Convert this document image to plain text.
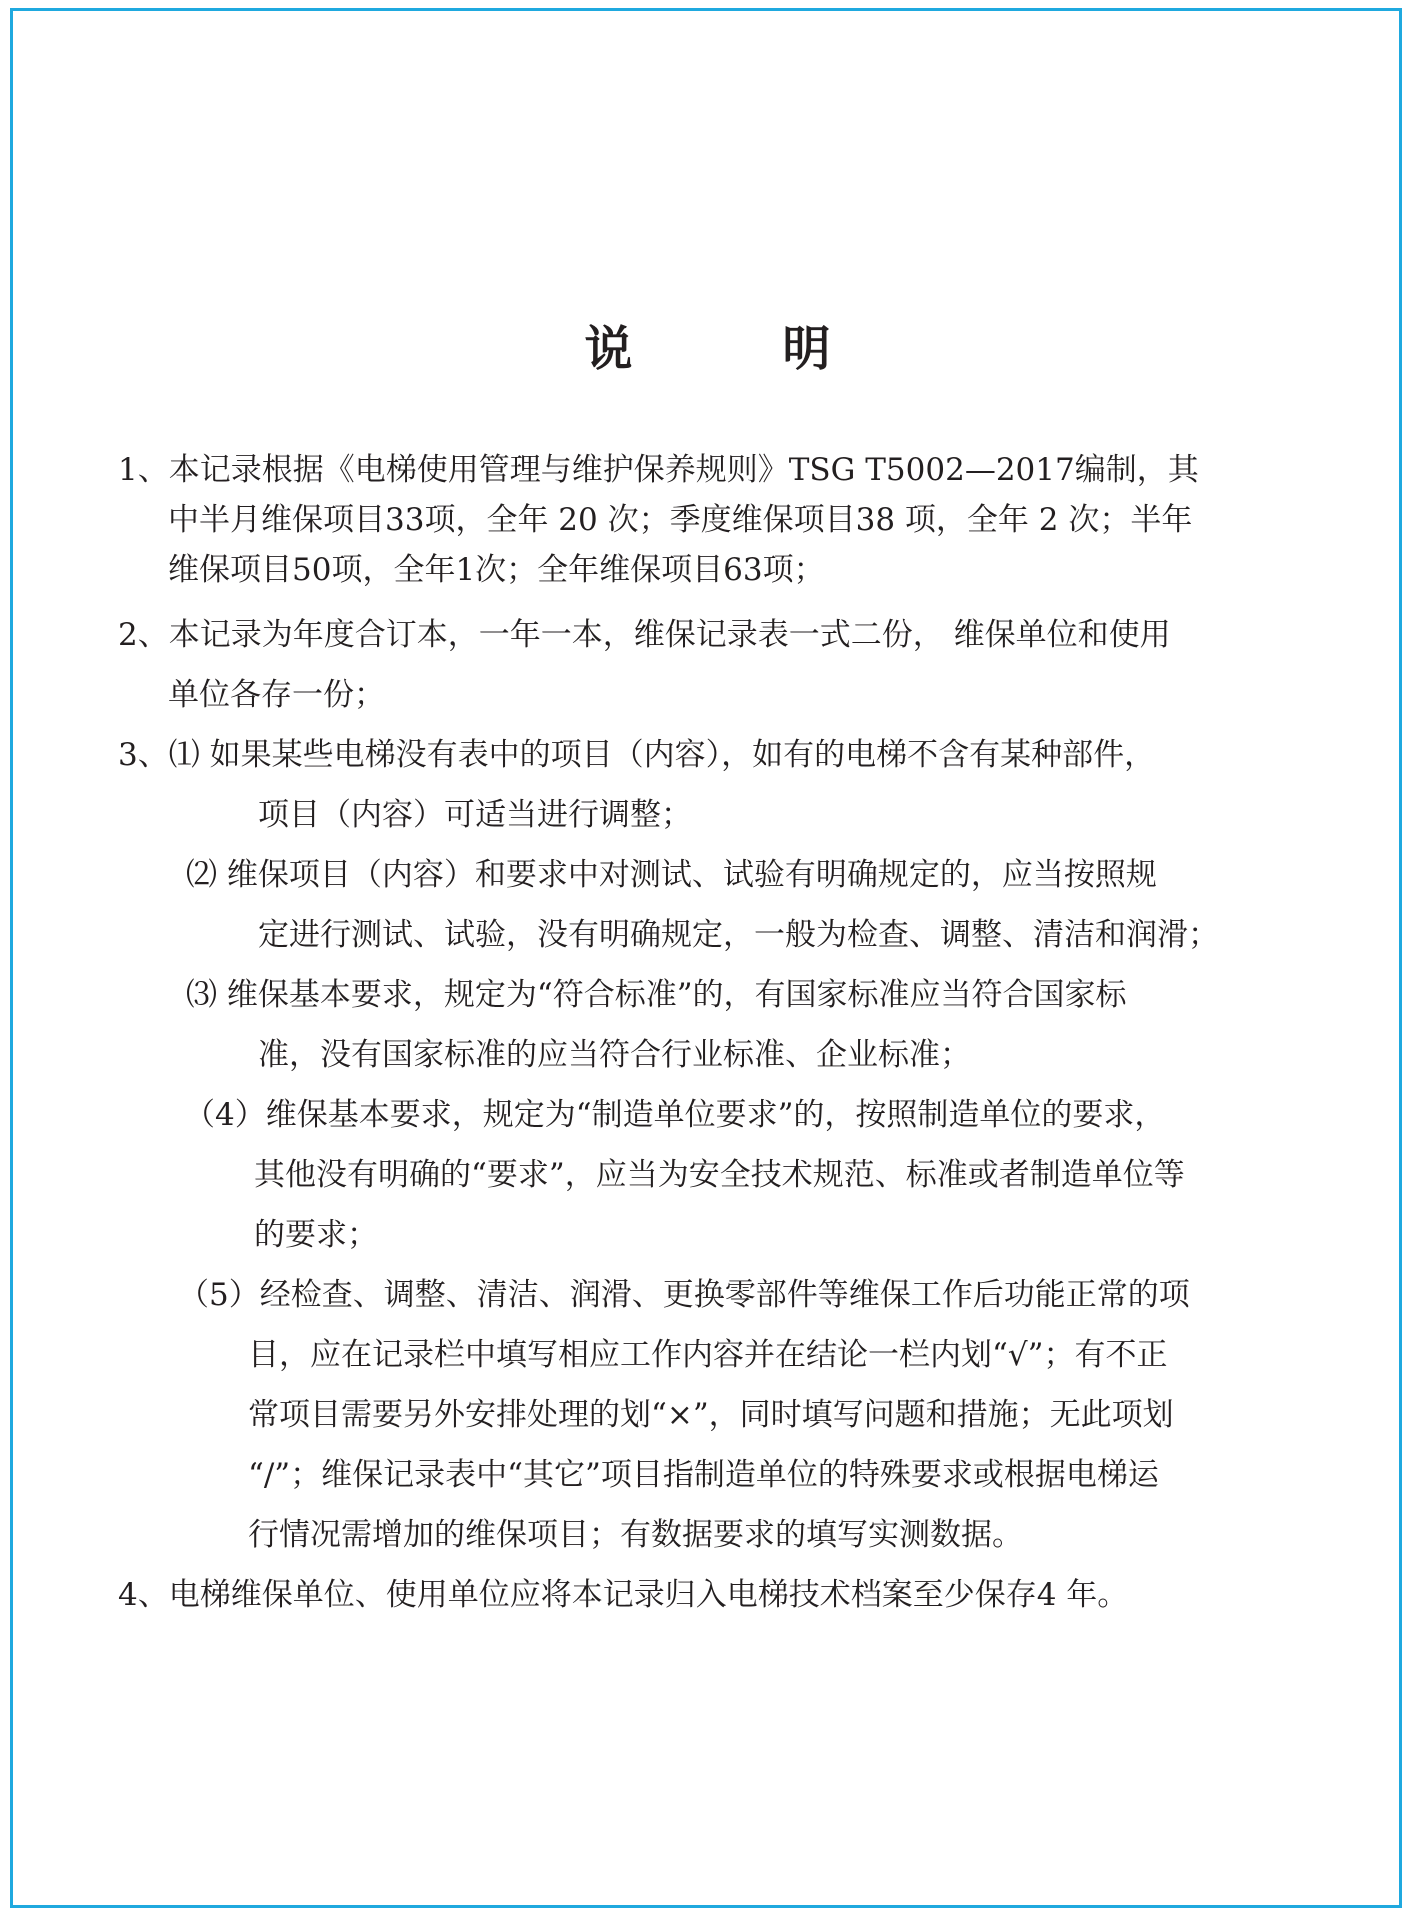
说	明
1、本记录根据《电梯使用管理与维护保养规则》TSG T5002—2017编制，其
中半月维保项目33项，全年 20 次；季度维保项目38 项，全年 2 次；半年
维保项目50项，全年1次；全年维保项目63项；
2、本记录为年度合订本，一年一本，维保记录表一式二份， 维保单位和使用
单位各存一份；
3、⑴ 如果某些电梯没有表中的项目（内容），如有的电梯不含有某种部件，
项目（内容）可适当进行调整；
⑵ 维保项目（内容）和要求中对测试、试验有明确规定的，应当按照规
定进行测试、试验，没有明确规定，一般为检查、调整、清洁和润滑；
⑶ 维保基本要求，规定为“符合标准”的，有国家标准应当符合国家标
准，没有国家标准的应当符合行业标准、企业标准；
（4）维保基本要求，规定为“制造单位要求”的，按照制造单位的要求，
其他没有明确的“要求”，应当为安全技术规范、标准或者制造单位等
的要求；
（5）经检查、调整、清洁、润滑、更换零部件等维保工作后功能正常的项
目，应在记录栏中填写相应工作内容并在结论一栏内划“√”；有不正
常项目需要另外安排处理的划“×”，同时填写问题和措施；无此项划
“/”；维保记录表中“其它”项目指制造单位的特殊要求或根据电梯运
行情况需增加的维保项目；有数据要求的填写实测数据。
4、电梯维保单位、使用单位应将本记录归入电梯技术档案至少保存4 年。
